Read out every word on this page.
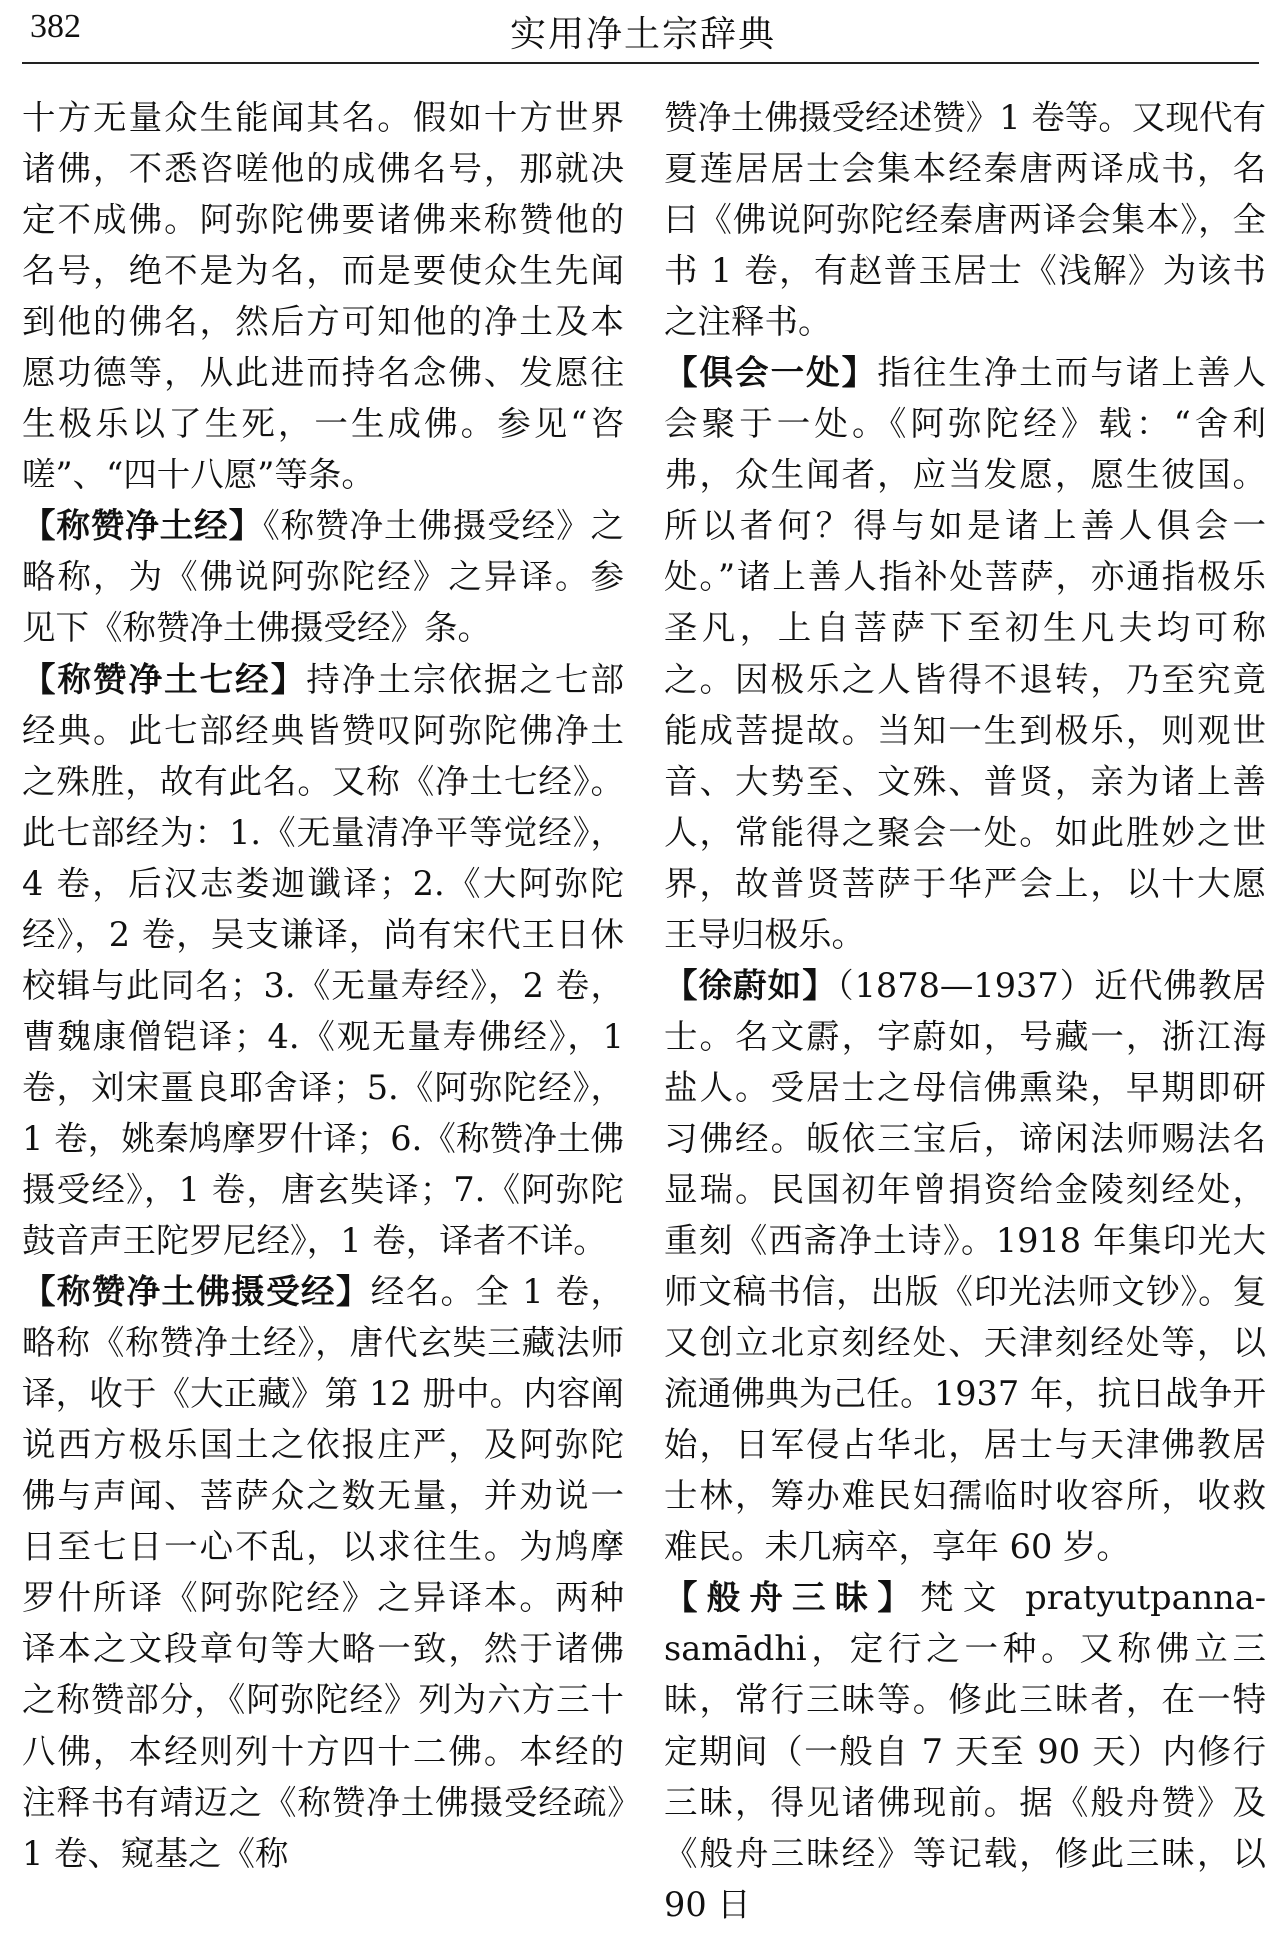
382	实用净土宗辞典

十方无量众生能闻其名。假如十方世界诸佛，不悉咨嗟他的成佛名号，那就决定不成佛。阿弥陀佛要诸佛来称赞他的名号，绝不是为名，而是要使众生先闻到他的佛名，然后方可知他的净土及本愿功德等，从此进而持名念佛、发愿往生极乐以了生死，一生成佛。参见“咨嗟”、“四十八愿”等条。

【称赞净土经】《称赞净土佛摄受经》之略称，为《佛说阿弥陀经》之异译。参见下《称赞净土佛摄受经》条。

【称赞净土七经】持净土宗依据之七部经典。此七部经典皆赞叹阿弥陀佛净土之殊胜，故有此名。又称《净土七经》。此七部经为：1.《无量清净平等觉经》，4 卷，后汉志娄迦谶译；2.《大阿弥陀经》，2 卷，吴支谦译，尚有宋代王日休校辑与此同名；3.《无量寿经》，2 卷，曹魏康僧铠译；4.《观无量寿佛经》，1 卷，刘宋畺良耶舍译；5.《阿弥陀经》，1 卷，姚秦鸠摩罗什译；6.《称赞净土佛摄受经》，1 卷，唐玄奘译；7.《阿弥陀鼓音声王陀罗尼经》，1 卷，译者不详。

【称赞净土佛摄受经】经名。全 1 卷，略称《称赞净土经》，唐代玄奘三藏法师译，收于《大正藏》第 12 册中。内容阐说西方极乐国土之依报庄严，及阿弥陀佛与声闻、菩萨众之数无量，并劝说一日至七日一心不乱，以求往生。为鸠摩罗什所译《阿弥陀经》之异译本。两种译本之文段章句等大略一致，然于诸佛之称赞部分，《阿弥陀经》列为六方三十八佛，本经则列十方四十二佛。本经的注释书有靖迈之《称赞净土佛摄受经疏》1 卷、窥基之《称

赞净土佛摄受经述赞》1 卷等。又现代有夏莲居居士会集本经秦唐两译成书，名曰《佛说阿弥陀经秦唐两译会集本》，全书 1 卷，有赵普玉居士《浅解》为该书之注释书。

【俱会一处】指往生净土而与诸上善人会聚于一处。《阿弥陀经》载：“舍利弗，众生闻者，应当发愿，愿生彼国。所以者何？得与如是诸上善人俱会一处。”诸上善人指补处菩萨，亦通指极乐圣凡，上自菩萨下至初生凡夫均可称之。因极乐之人皆得不退转，乃至究竟能成菩提故。当知一生到极乐，则观世音、大势至、文殊、普贤，亲为诸上善人，常能得之聚会一处。如此胜妙之世界，故普贤菩萨于华严会上，以十大愿王导归极乐。

【徐蔚如】（1878—1937）近代佛教居士。名文霨，字蔚如，号藏一，浙江海盐人。受居士之母信佛熏染，早期即研习佛经。皈依三宝后，谛闲法师赐法名显瑞。民国初年曾捐资给金陵刻经处，重刻《西斋净土诗》。1918 年集印光大师文稿书信，出版《印光法师文钞》。复又创立北京刻经处、天津刻经处等，以流通佛典为己任。1937 年，抗日战争开始，日军侵占华北，居士与天津佛教居士林，筹办难民妇孺临时收容所，收救难民。未几病卒，享年 60 岁。

【般舟三昧】梵文 pratyutpanna-samādhi，定行之一种。又称佛立三昧，常行三昧等。修此三昧者，在一特定期间（一般自 7 天至 90 天）内修行三昧，得见诸佛现前。据《般舟赞》及《般舟三昧经》等记载，修此三昧，以 90 日
